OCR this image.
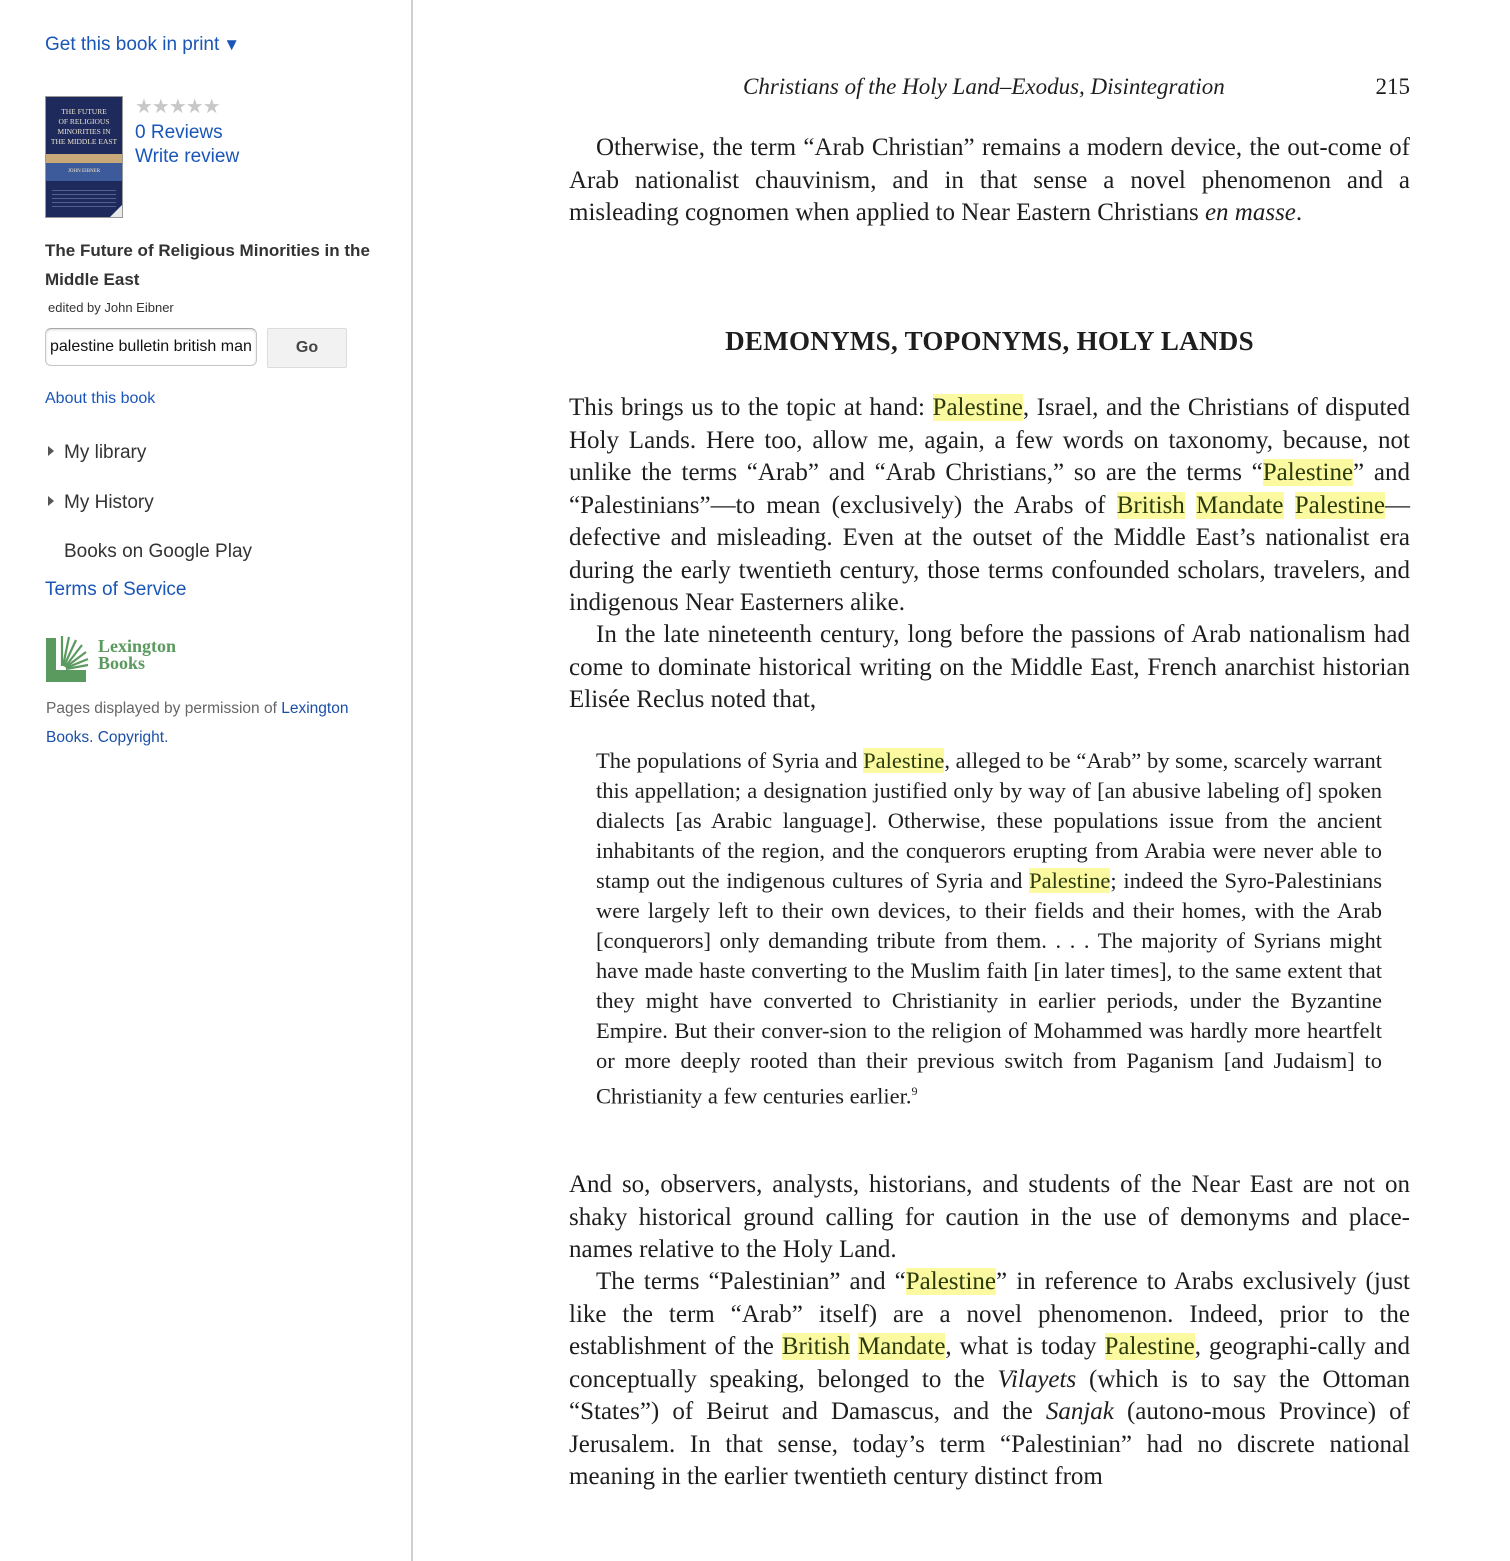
Get this book in print ▼
THE FUTURE
OF RELIGIOUS
MINORITIES IN
THE MIDDLE EAST
JOHN EIBNER
★★★★★
0 Reviews
Write review
The Future of Religious Minorities in the Middle East
edited by John Eibner
palestine bulletin british mandate
Go
About this book
My library
My History
Books on Google Play
Terms of Service
Lexington
Books
Pages displayed by permission of Lexington Books. Copyright.
Christians of the Holy Land–Exodus, Disintegration	215
Otherwise, the term “Arab Christian” remains a modern device, the out-come of Arab nationalist chauvinism, and in that sense a novel phenomenon and a misleading cognomen when applied to Near Eastern Christians en masse.
DEMONYMS, TOPONYMS, HOLY LANDS
This brings us to the topic at hand: Palestine, Israel, and the Christians of disputed Holy Lands. Here too, allow me, again, a few words on taxonomy, because, not unlike the terms “Arab” and “Arab Christians,” so are the terms “Palestine” and “Palestinians”—to mean (exclusively) the Arabs of British Mandate Palestine—defective and misleading. Even at the outset of the Middle East’s nationalist era during the early twentieth century, those terms confounded scholars, travelers, and indigenous Near Easterners alike.
In the late nineteenth century, long before the passions of Arab nationalism had come to dominate historical writing on the Middle East, French anarchist historian Elisée Reclus noted that,
The populations of Syria and Palestine, alleged to be “Arab” by some, scarcely warrant this appellation; a designation justified only by way of [an abusive labeling of] spoken dialects [as Arabic language]. Otherwise, these populations issue from the ancient inhabitants of the region, and the conquerors erupting from Arabia were never able to stamp out the indigenous cultures of Syria and Palestine; indeed the Syro-Palestinians were largely left to their own devices, to their fields and their homes, with the Arab [conquerors] only demanding tribute from them. . . . The majority of Syrians might have made haste converting to the Muslim faith [in later times], to the same extent that they might have converted to Christianity in earlier periods, under the Byzantine Empire. But their conver-sion to the religion of Mohammed was hardly more heartfelt or more deeply rooted than their previous switch from Paganism [and Judaism] to Christianity a few centuries earlier.$^9$
And so, observers, analysts, historians, and students of the Near East are not on shaky historical ground calling for caution in the use of demonyms and place-names relative to the Holy Land.
The terms “Palestinian” and “Palestine” in reference to Arabs exclusively (just like the term “Arab” itself) are a novel phenomenon. Indeed, prior to the establishment of the British Mandate, what is today Palestine, geographi-cally and conceptually speaking, belonged to the Vilayets (which is to say the Ottoman “States”) of Beirut and Damascus, and the Sanjak (autono-mous Province) of Jerusalem. In that sense, today’s term “Palestinian” had no discrete national meaning in the earlier twentieth century distinct from
